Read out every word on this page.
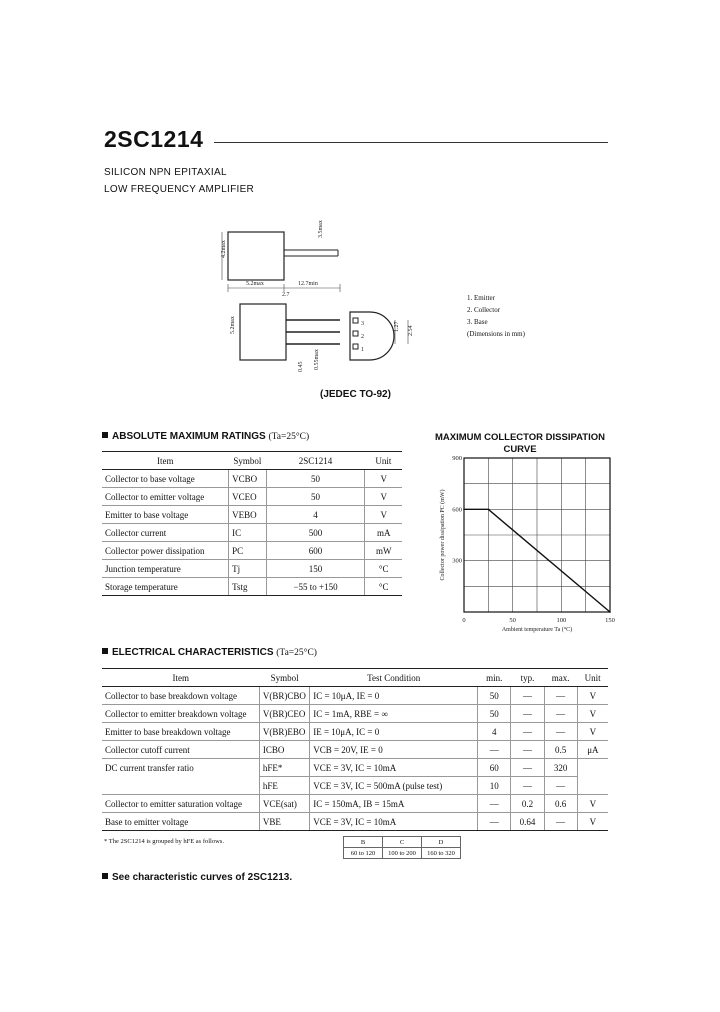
2SC1214
SILICON NPN EPITAXIAL
LOW FREQUENCY AMPLIFIER
4.2max
3.5max
5.2max	12.7min
2.7
5.2max
0.45 0.55max
3
2
1
1.27 2.54
1. Emitter
2. Collector
3. Base
(Dimensions in mm)
(JEDEC TO-92)
ABSOLUTE MAXIMUM RATINGS (Ta=25°C)
Item	Symbol	2SC1214	Unit
Collector to base voltage	VCBO	50	V
Collector to emitter voltage	VCEO	50	V
Emitter to base voltage	VEBO	4	V
Collector current	IC	500	mA
Collector power dissipation	PC	600	mW
Junction temperature	Tj	150	°C
Storage temperature	Tstg	−55 to +150	°C
MAXIMUM COLLECTOR DISSIPATION CURVE
0	50	100	150
300
600
900
Ambient temperature Ta (°C)
Collector power dissipation PC (mW)
ELECTRICAL CHARACTERISTICS (Ta=25°C)
Item	Symbol	Test Condition	min.	typ.	max.	Unit
Collector to base breakdown voltage	V(BR)CBO	IC = 10μA, IE = 0	50	—	—	V
Collector to emitter breakdown voltage	V(BR)CEO	IC = 1mA, RBE = ∞	50	—	—	V
Emitter to base breakdown voltage	V(BR)EBO	IE = 10μA, IC = 0	4	—	—	V
Collector cutoff current	ICBO	VCB = 20V, IE = 0	—	—	0.5	μA
DC current transfer ratio	hFE*	VCE = 3V, IC = 10mA	60	—	320	
	hFE	VCE = 3V, IC = 500mA (pulse test)	10	—	—	
Collector to emitter saturation voltage	VCE(sat)	IC = 150mA, IB = 15mA	—	0.2	0.6	V
Base to emitter voltage	VBE	VCE = 3V, IC = 10mA	—	0.64	—	V
* The 2SC1214 is grouped by hFE as follows.	B	C	D
60 to 120	100 to 200	160 to 320
See characteristic curves of 2SC1213.
